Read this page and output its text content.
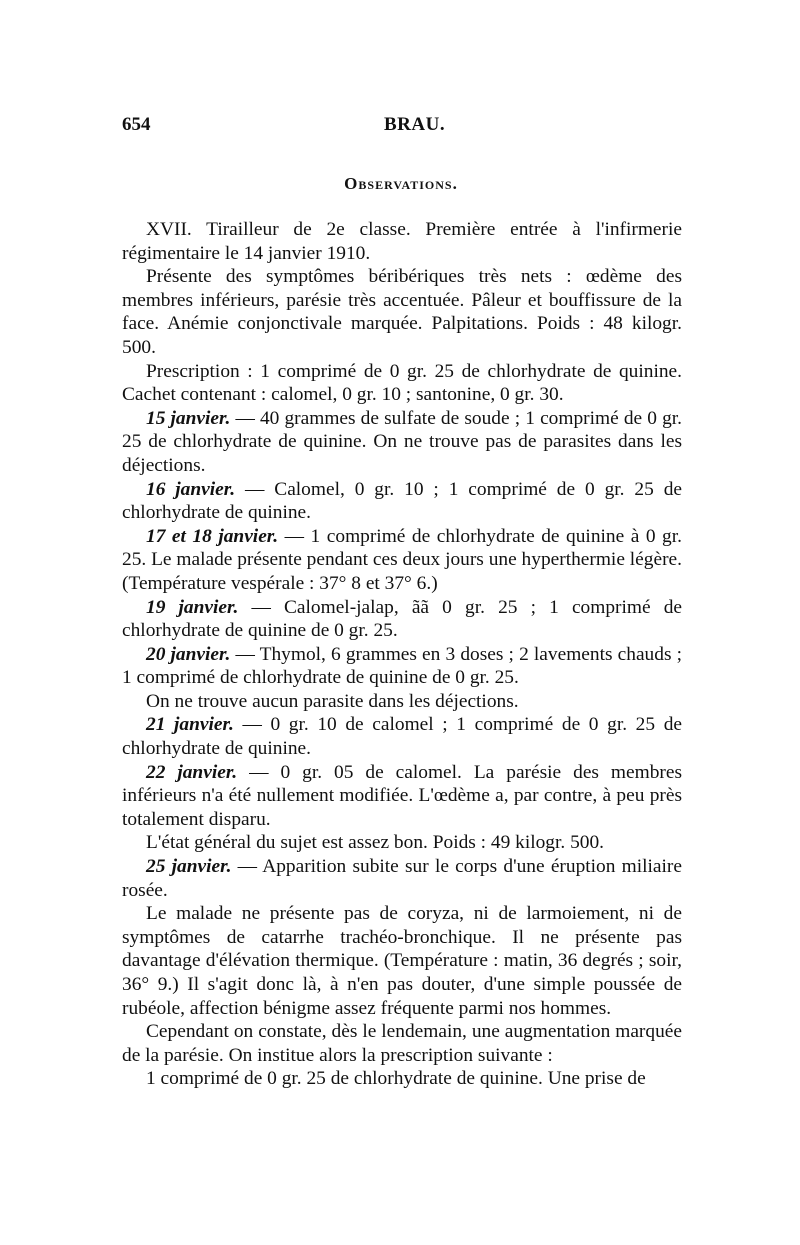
654	BRAU.
Observations.

XVII. Tirailleur de 2e classe. Première entrée à l'infirmerie régimentaire le 14 janvier 1910.

Présente des symptômes béribériques très nets : œdème des membres inférieurs, parésie très accentuée. Pâleur et bouffissure de la face. Anémie conjonctivale marquée. Palpitations. Poids : 48 kilogr. 500.

Prescription : 1 comprimé de 0 gr. 25 de chlorhydrate de quinine. Cachet contenant : calomel, 0 gr. 10 ; santonine, 0 gr. 30.

15 janvier. — 40 grammes de sulfate de soude ; 1 comprimé de 0 gr. 25 de chlorhydrate de quinine. On ne trouve pas de parasites dans les déjections.

16 janvier. — Calomel, 0 gr. 10 ; 1 comprimé de 0 gr. 25 de chlorhydrate de quinine.

17 et 18 janvier. — 1 comprimé de chlorhydrate de quinine à 0 gr. 25. Le malade présente pendant ces deux jours une hyperthermie légère. (Température vespérale : 37° 8 et 37° 6.)

19 janvier. — Calomel-jalap, ãã 0 gr. 25 ; 1 comprimé de chlorhydrate de quinine de 0 gr. 25.

20 janvier. — Thymol, 6 grammes en 3 doses ; 2 lavements chauds ; 1 comprimé de chlorhydrate de quinine de 0 gr. 25.

On ne trouve aucun parasite dans les déjections.

21 janvier. — 0 gr. 10 de calomel ; 1 comprimé de 0 gr. 25 de chlorhydrate de quinine.

22 janvier. — 0 gr. 05 de calomel. La parésie des membres inférieurs n'a été nullement modifiée. L'œdème a, par contre, à peu près totalement disparu.

L'état général du sujet est assez bon. Poids : 49 kilogr. 500.

25 janvier. — Apparition subite sur le corps d'une éruption miliaire rosée.

Le malade ne présente pas de coryza, ni de larmoiement, ni de symptômes de catarrhe trachéo-bronchique. Il ne présente pas davantage d'élévation thermique. (Température : matin, 36 degrés ; soir, 36° 9.) Il s'agit donc là, à n'en pas douter, d'une simple poussée de rubéole, affection bénigme assez fréquente parmi nos hommes.

Cependant on constate, dès le lendemain, une augmentation marquée de la parésie. On institue alors la prescription suivante :

1 comprimé de 0 gr. 25 de chlorhydrate de quinine. Une prise de
